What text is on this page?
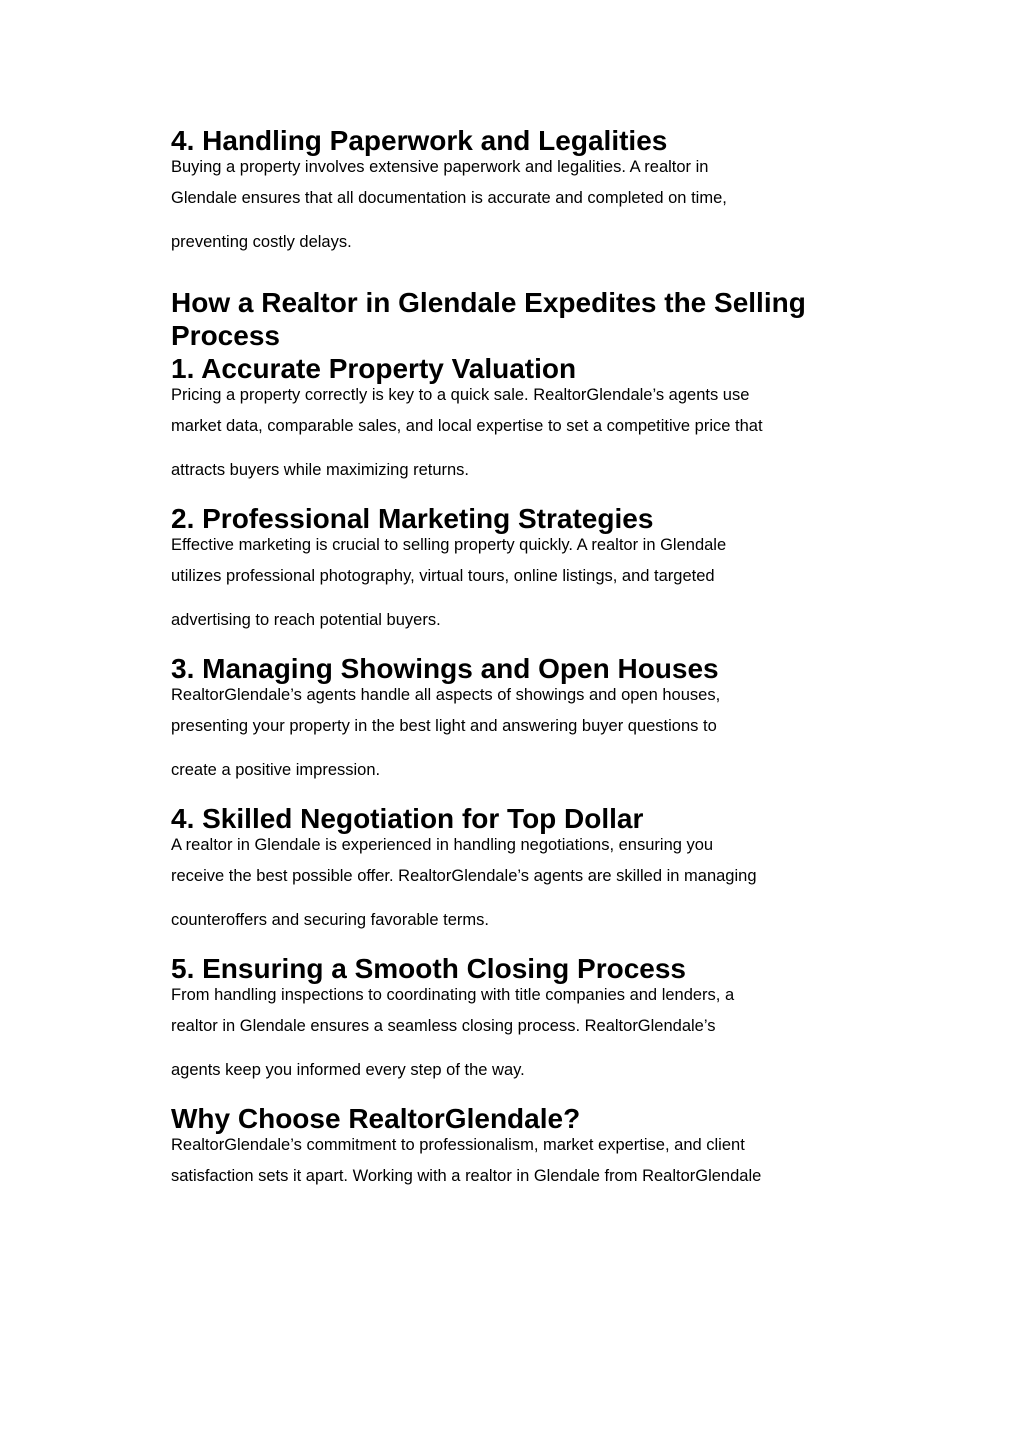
4. Handling Paperwork and Legalities

Buying a property involves extensive paperwork and legalities. A realtor in
Glendale ensures that all documentation is accurate and completed on time,
preventing costly delays.

How a Realtor in Glendale Expedites the Selling
Process
1. Accurate Property Valuation

Pricing a property correctly is key to a quick sale. RealtorGlendale’s agents use
market data, comparable sales, and local expertise to set a competitive price that
attracts buyers while maximizing returns.

2. Professional Marketing Strategies

Effective marketing is crucial to selling property quickly. A realtor in Glendale
utilizes professional photography, virtual tours, online listings, and targeted
advertising to reach potential buyers.

3. Managing Showings and Open Houses

RealtorGlendale’s agents handle all aspects of showings and open houses,
presenting your property in the best light and answering buyer questions to
create a positive impression.

4. Skilled Negotiation for Top Dollar

A realtor in Glendale is experienced in handling negotiations, ensuring you
receive the best possible offer. RealtorGlendale’s agents are skilled in managing
counteroffers and securing favorable terms.

5. Ensuring a Smooth Closing Process

From handling inspections to coordinating with title companies and lenders, a
realtor in Glendale ensures a seamless closing process. RealtorGlendale’s
agents keep you informed every step of the way.

Why Choose RealtorGlendale?

RealtorGlendale’s commitment to professionalism, market expertise, and client
satisfaction sets it apart. Working with a realtor in Glendale from RealtorGlendale
